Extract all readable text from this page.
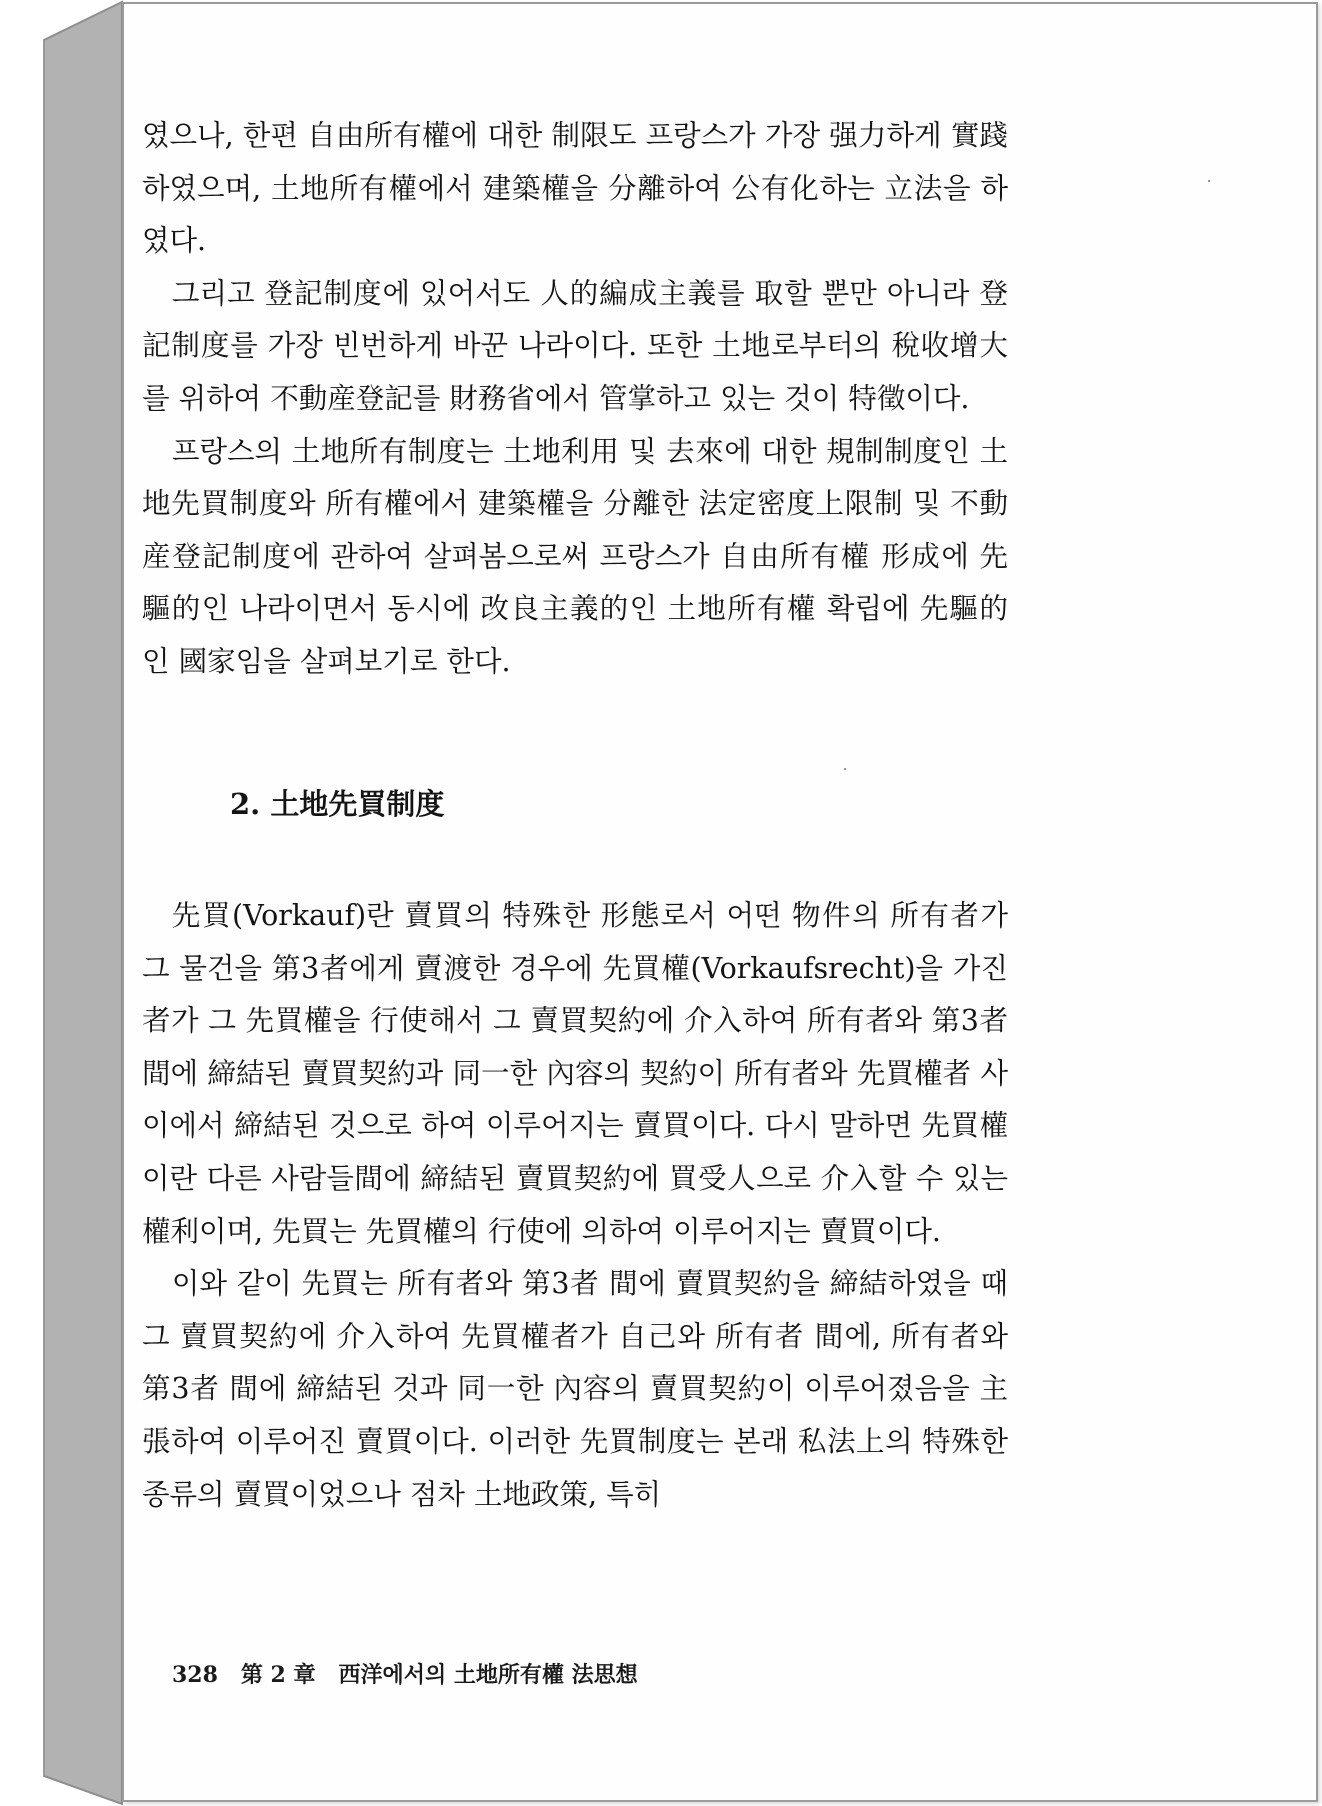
였으나, 한편 自由所有權에 대한 制限도 프랑스가 가장 强力하게 實踐하였으며, 土地所有權에서 建築權을 分離하여 公有化하는 立法을 하였다.

그리고 登記制度에 있어서도 人的編成主義를 取할 뿐만 아니라 登記制度를 가장 빈번하게 바꾼 나라이다. 또한 土地로부터의 稅收增大를 위하여 不動産登記를 財務省에서 管掌하고 있는 것이 特徵이다.

프랑스의 土地所有制度는 土地利用 및 去來에 대한 規制制度인 土地先買制度와 所有權에서 建築權을 分離한 法定密度上限制 및 不動産登記制度에 관하여 살펴봄으로써 프랑스가 自由所有權 形成에 先驅的인 나라이면서 동시에 改良主義的인 土地所有權 확립에 先驅的인 國家임을 살펴보기로 한다.

2. 土地先買制度

先買(Vorkauf)란 賣買의 特殊한 形態로서 어떤 物件의 所有者가 그 물건을 第3者에게 賣渡한 경우에 先買權(Vorkaufsrecht)을 가진 者가 그 先買權을 行使해서 그 賣買契約에 介入하여 所有者와 第3者 間에 締結된 賣買契約과 同一한 內容의 契約이 所有者와 先買權者 사이에서 締結된 것으로 하여 이루어지는 賣買이다. 다시 말하면 先買權이란 다른 사람들間에 締結된 賣買契約에 買受人으로 介入할 수 있는 權利이며, 先買는 先買權의 行使에 의하여 이루어지는 賣買이다.

이와 같이 先買는 所有者와 第3者 間에 賣買契約을 締結하였을 때 그 賣買契約에 介入하여 先買權者가 自己와 所有者 間에, 所有者와 第3者 間에 締結된 것과 同一한 內容의 賣買契約이 이루어졌음을 主張하여 이루어진 賣買이다. 이러한 先買制度는 본래 私法上의 特殊한 종류의 賣買이었으나 점차 土地政策, 특히

328   第 2 章   西洋에서의 土地所有權 法思想
